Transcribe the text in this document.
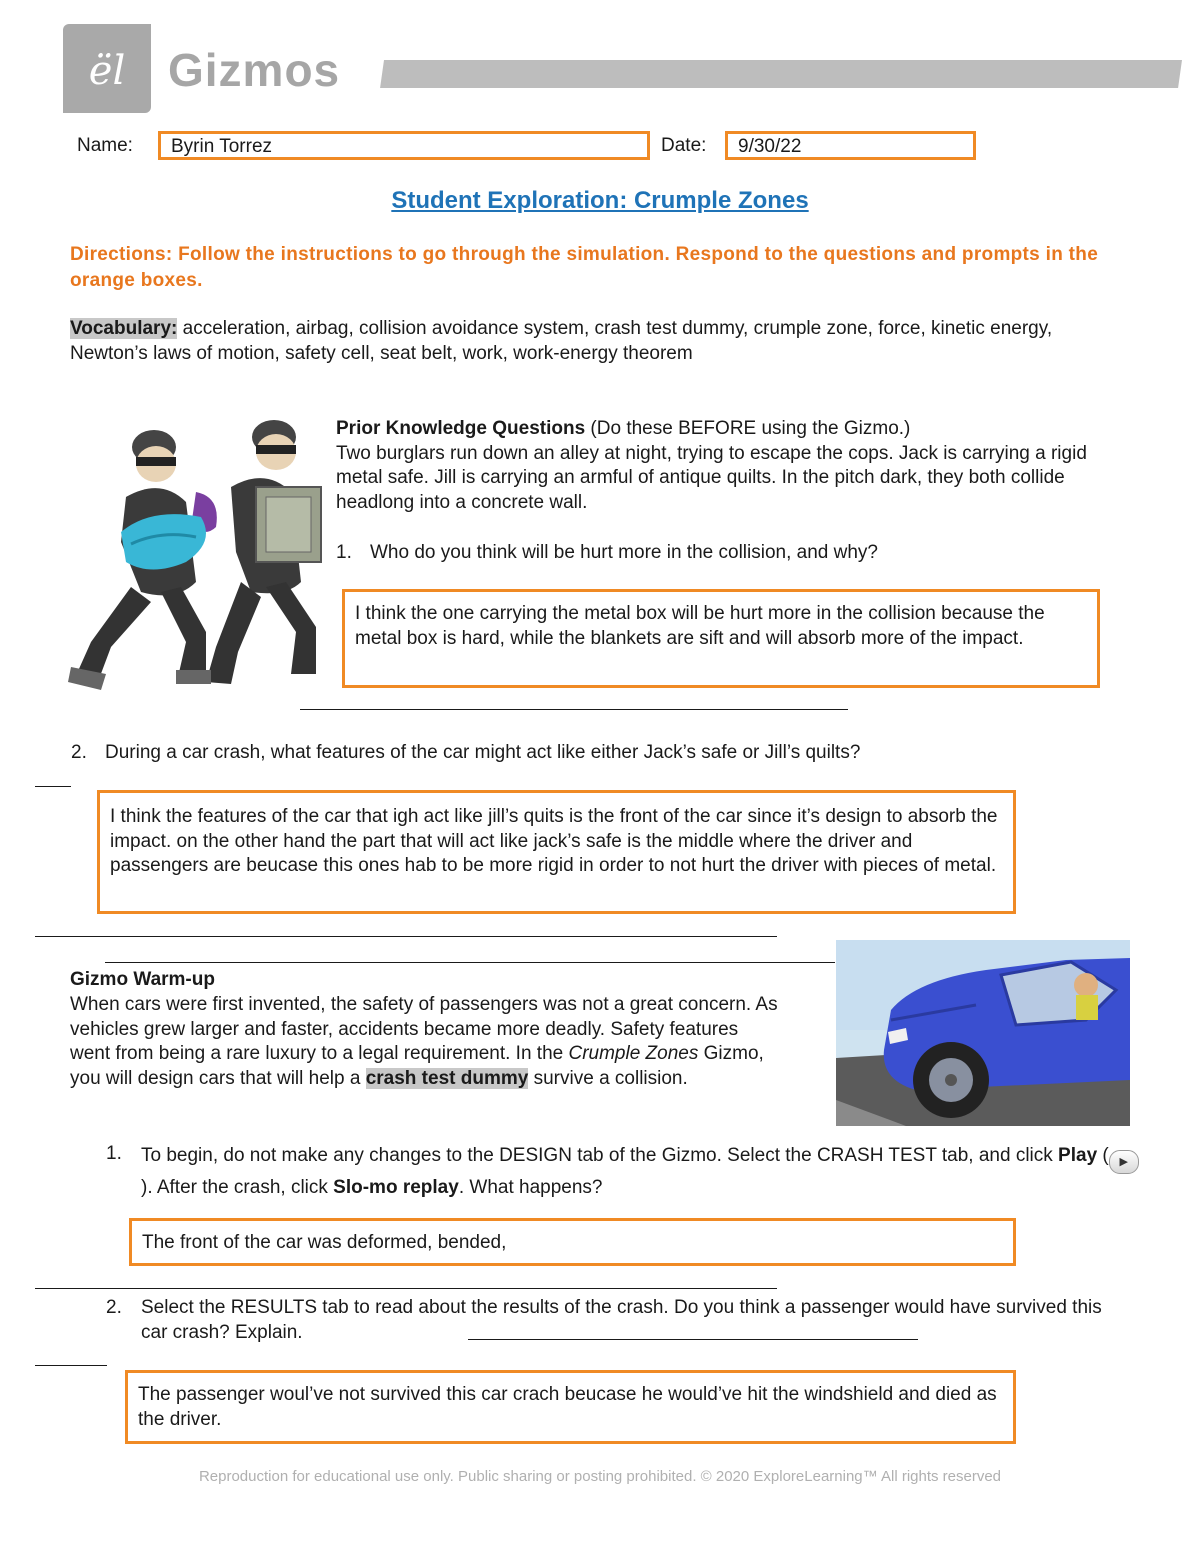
ël Gizmos
Name:	Byrin Torrez	Date:	9/30/22
Student Exploration: Crumple Zones
Directions: Follow the instructions to go through the simulation. Respond to the questions and prompts in the orange boxes.
Vocabulary: acceleration, airbag, collision avoidance system, crash test dummy, crumple zone, force, kinetic energy, Newton’s laws of motion, safety cell, seat belt, work, work-energy theorem
Prior Knowledge Questions (Do these BEFORE using the Gizmo.)
Two burglars run down an alley at night, trying to escape the cops. Jack is carrying a rigid metal safe. Jill is carrying an armful of antique quilts. In the pitch dark, they both collide headlong into a concrete wall.
1. Who do you think will be hurt more in the collision, and why?
I think the one carrying the metal box will be hurt more in the collision because the metal box is hard, while the blankets are sift and will absorb more of the impact.
2. During a car crash, what features of the car might act like either Jack’s safe or Jill’s quilts?
I think the features of the car that igh act like jill’s quits is the front of the car since it’s design to absorb the impact. on the other hand the part that will act like jack’s safe is the middle where the driver and passengers are beucase this ones hab to be more rigid in order to not hurt the driver with pieces of metal.
Gizmo Warm-up
When cars were first invented, the safety of passengers was not a great concern. As vehicles grew larger and faster, accidents became more deadly. Safety features went from being a rare luxury to a legal requirement. In the Crumple Zones Gizmo, you will design cars that will help a crash test dummy survive a collision.
1. To begin, do not make any changes to the DESIGN tab of the Gizmo. Select the CRASH TEST tab, and click Play ( ▶). After the crash, click Slo-mo replay. What happens?
The front of the car was deformed, bended,
2. Select the RESULTS tab to read about the results of the crash. Do you think a passenger would have survived this car crash? Explain.
The passenger woul’ve not survived this car crach beucase he would’ve hit the windshield and died as the driver.
Reproduction for educational use only. Public sharing or posting prohibited. © 2020 ExploreLearning™ All rights reserved
